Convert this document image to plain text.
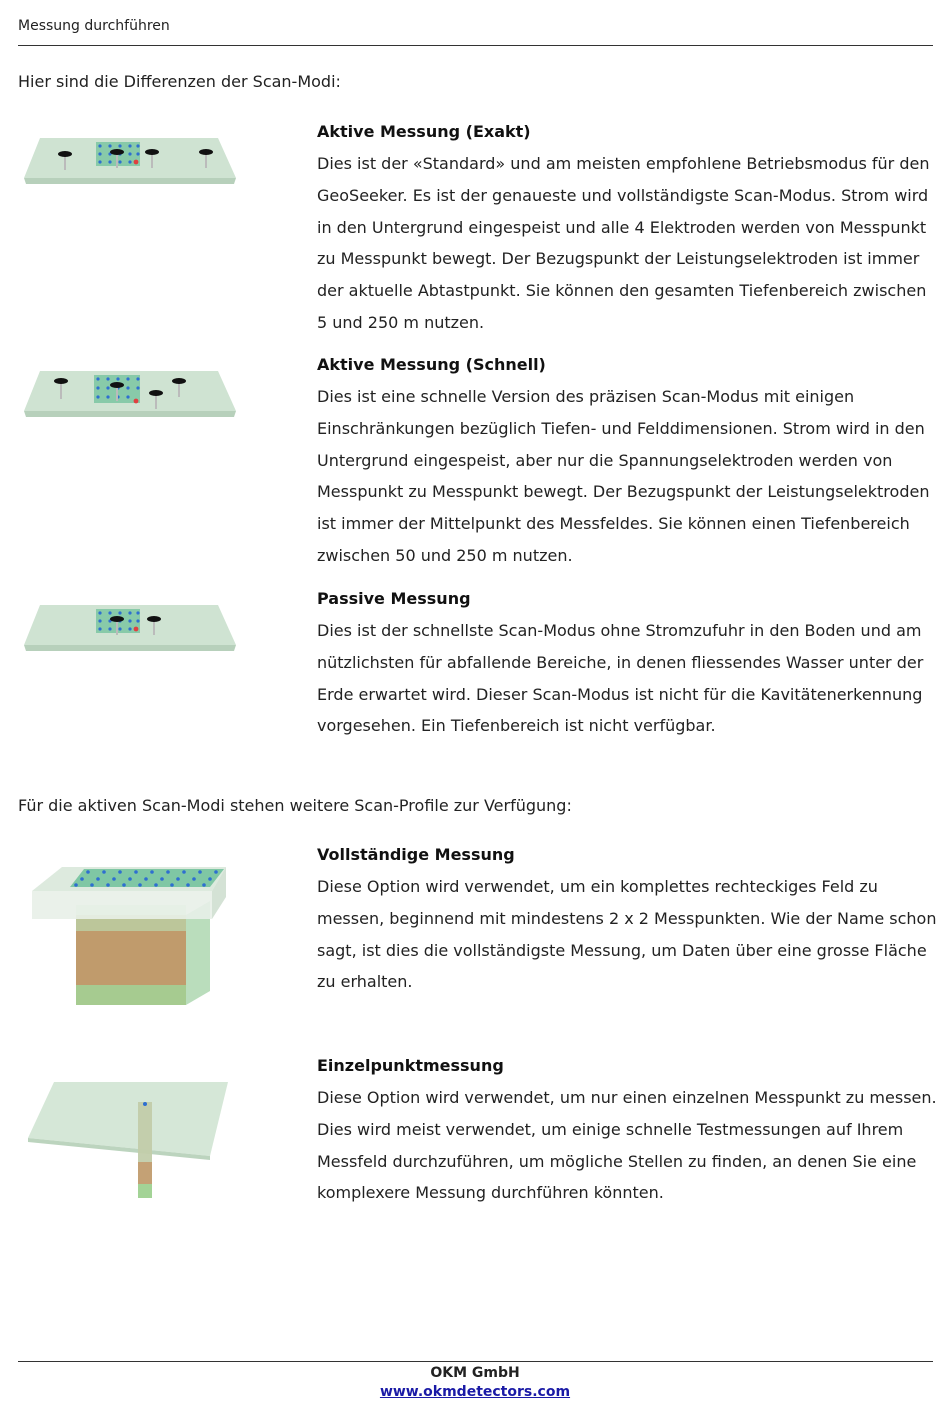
Messung durchführen
Hier sind die Differenzen der Scan-Modi:
Aktive Messung (Exakt)

Dies ist der «Standard» und am meisten empfohlene Betriebsmodus für den GeoSeeker. Es ist der genaueste und vollständigste Scan-Modus. Strom wird in den Untergrund eingespeist und alle 4 Elektroden werden von Messpunkt zu Messpunkt bewegt. Der Bezugspunkt der Leistungselektroden ist immer der aktuelle Abtastpunkt. Sie können den gesamten Tiefenbereich zwischen 5 und 250 m nutzen.

Aktive Messung (Schnell)

Dies ist eine schnelle Version des präzisen Scan-Modus mit einigen Einschränkungen bezüglich Tiefen- und Felddimensionen. Strom wird in den Untergrund eingespeist, aber nur die Spannungselektroden werden von Messpunkt zu Messpunkt bewegt. Der Bezugspunkt der Leistungselektroden ist immer der Mittelpunkt des Messfeldes. Sie können einen Tiefenbereich zwischen 50 und 250 m nutzen.

Passive Messung

Dies ist der schnellste Scan-Modus ohne Stromzufuhr in den Boden und am nützlichsten für abfallende Bereiche, in denen fliessendes Wasser unter der Erde erwartet wird. Dieser Scan-Modus ist nicht für die Kavitätenerkennung vorgesehen. Ein Tiefenbereich ist nicht verfügbar.

Für die aktiven Scan-Modi stehen weitere Scan-Profile zur Verfügung:
Vollständige Messung

Diese Option wird verwendet, um ein komplettes rechteckiges Feld zu messen, beginnend mit mindestens 2 x 2 Messpunkten. Wie der Name schon sagt, ist dies die vollständigste Messung, um Daten über eine grosse Fläche zu erhalten.

Einzelpunktmessung

Diese Option wird verwendet, um nur einen einzelnen Messpunkt zu messen. Dies wird meist verwendet, um einige schnelle Testmessungen auf Ihrem Messfeld durchzuführen, um mögliche Stellen zu finden, an denen Sie eine komplexere Messung durchführen könnten.

OKM GmbH
www.okmdetectors.com
